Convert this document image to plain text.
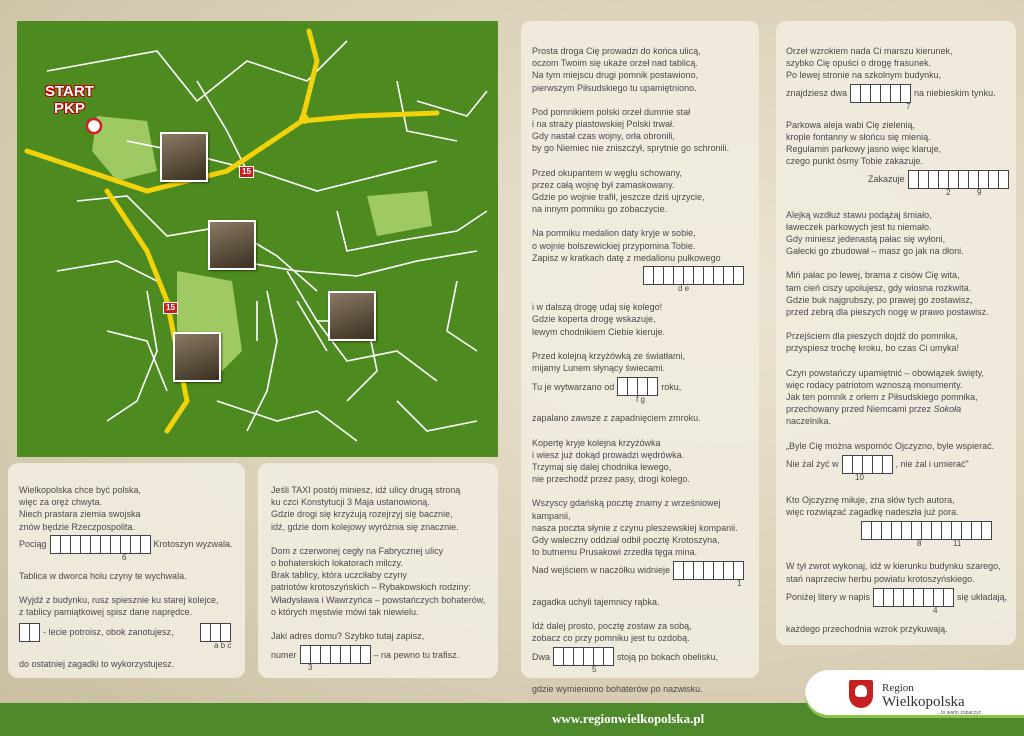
START
PKP
15
15

Wielkopolska chce być polska,
więc za oręż chwyta.
Niech prastara ziemia swojska
znów będzie Rzeczpospolita.

Pociąg	Krotoszyn wyzwala.
6

Tablica w dworca holu czyny te wychwala.

Wyjdź z budynku, rusz spiesznie ku starej kolejce,
z tablicy pamiątkowej spisz dane naprędce.

- lecie potroisz, obok zanotujesz,
a b c

do ostatniej zagadki to wykorzystujesz.

Jeśli TAXI postój miniesz, idź ulicy drugą stroną
ku czci Konstytucji 3 Maja ustanowioną.
Gdzie drogi się krzyżują rozejrzyj się bacznie,
idź, gdzie dom kolejowy wyróżnia się znacznie.

Dom z czerwonej cegły na Fabrycznej ulicy
o bohaterskich lokatorach milczy.
Brak tablicy, która uczciłaby czyny
patriotów krotoszyńskich – Rybakowskich rodziny:
Władysława i Wawrzyńca – powstańczych bohaterów,
o których męstwie mówi tak niewielu.

Jaki adres domu? Szybko tutaj zapisz,

numer	– na pewno tu trafisz.
3

Prosta droga Cię prowadzi do końca ulicą,
oczom Twoim się ukaże orzeł nad tablicą.
Na tym miejscu drugi pomnik postawiono,
pierwszym Piłsudskiego tu upamiętniono.

Pod pomnikiem polski orzeł dumnie stał
i na straży piastowskiej Polski trwał.
Gdy nastał czas wojny, orła obronili,
by go Niemiec nie zniszczył, sprytnie go schronili.

Przed okupantem w węglu schowany,
przez całą wojnę był zamaskowany.
Gdzie po wojnie trafił, jeszcze dziś ujrzycie,
na innym pomniku go zobaczycie.

Na pomniku medalion daty kryje w sobie,
o wojnie bolszewickiej przypomina Tobie.
Zapisz w kratkach datę z medalionu pułkowego

d e

i w dalszą drogę udaj się kolego!
Gdzie koperta drogę wskazuje,
lewym chodnikiem Ciebie kieruje.

Przed kolejną krzyżówką ze światłami,
mijamy Lunem słynący świecami.

Tu je wytwarzano od	roku,
f g

zapalano zawsze z zapadnięciem zmroku.

Kopertę kryje kolejna krzyżówka
i wiesz już dokąd prowadzi wędrówka.
Trzymaj się dalej chodnika lewego,
nie przechodź przez pasy, drogi kolego.

Wszyscy gdańską pocztę znamy z wrześniowej kampanii,
nasza poczta słynie z czynu pleszewskiej kompanii.
Gdy waleczny oddział odbił pocztę Krotoszyna,
to butnemu Prusakowi zrzedła tęga mina.

Nad wejściem w naczółku widnieje
1

zagadka uchyli tajemnicy rąbka.

Idź dalej prosto, pocztę zostaw za sobą,
zobacz co przy pomniku jest tu ozdobą.

Dwa	stoją po bokach obelisku,
5

gdzie wymieniono bohaterów po nazwisku.

Orzeł wzrokiem nada Ci marszu kierunek,
szybko Cię opuści o drogę frasunek.
Po lewej stronie na szkolnym budynku,

znajdziesz dwa	na niebieskim tynku.
7

Parkowa aleja wabi Cię zielenią,
krople fontanny w słońcu się mienią.
Regulamin parkowy jasno więc klaruje,
czego punkt ósmy Tobie zakazuje.

Zakazuje
2	9

Alejką wzdłuż stawu podążaj śmiało,
ławeczek parkowych jest tu niemało.
Gdy miniesz jedenastą pałac się wyłoni,
Gałecki go zbudował – masz go jak na dłoni.

Miń pałac po lewej, brama z cisów Cię wita,
tam cień ciszy upolujesz, gdy wiosna rozkwita.
Gdzie buk najgrubszy, po prawej go zostawisz,
przed zebrą dla pieszych nogę w prawo postawisz.

Przejściem dla pieszych dojdź do pomnika,
przyspiesz trochę kroku, bo czas Ci umyka!

Czyn powstańczy upamiętnić – obowiązek święty,
więc rodacy patriotom wznoszą monumenty.
Jak ten pomnik z orłem z Piłsudskiego pomnika,
przechowany przed Niemcami przez Sokoła naczelnika.

„Byle Cię można wspomóc Ojczyzno, byle wspierać.

Nie żal żyć w	, nie żal i umierać"
10

Kto Ojczyznę miłuje, zna słów tych autora,
więc rozwiązać zagadkę nadeszła już pora.

8	11

W tył zwrot wykonaj, idź w kierunku budynku szarego,
stań naprzeciw herbu powiatu krotoszyńskiego.

Poniżej litery w napis	się układają,
4

każdego przechodnia wzrok przykuwają.

www.regionwielkopolska.pl
Region
Wielkopolska
...to warto zobaczyć
